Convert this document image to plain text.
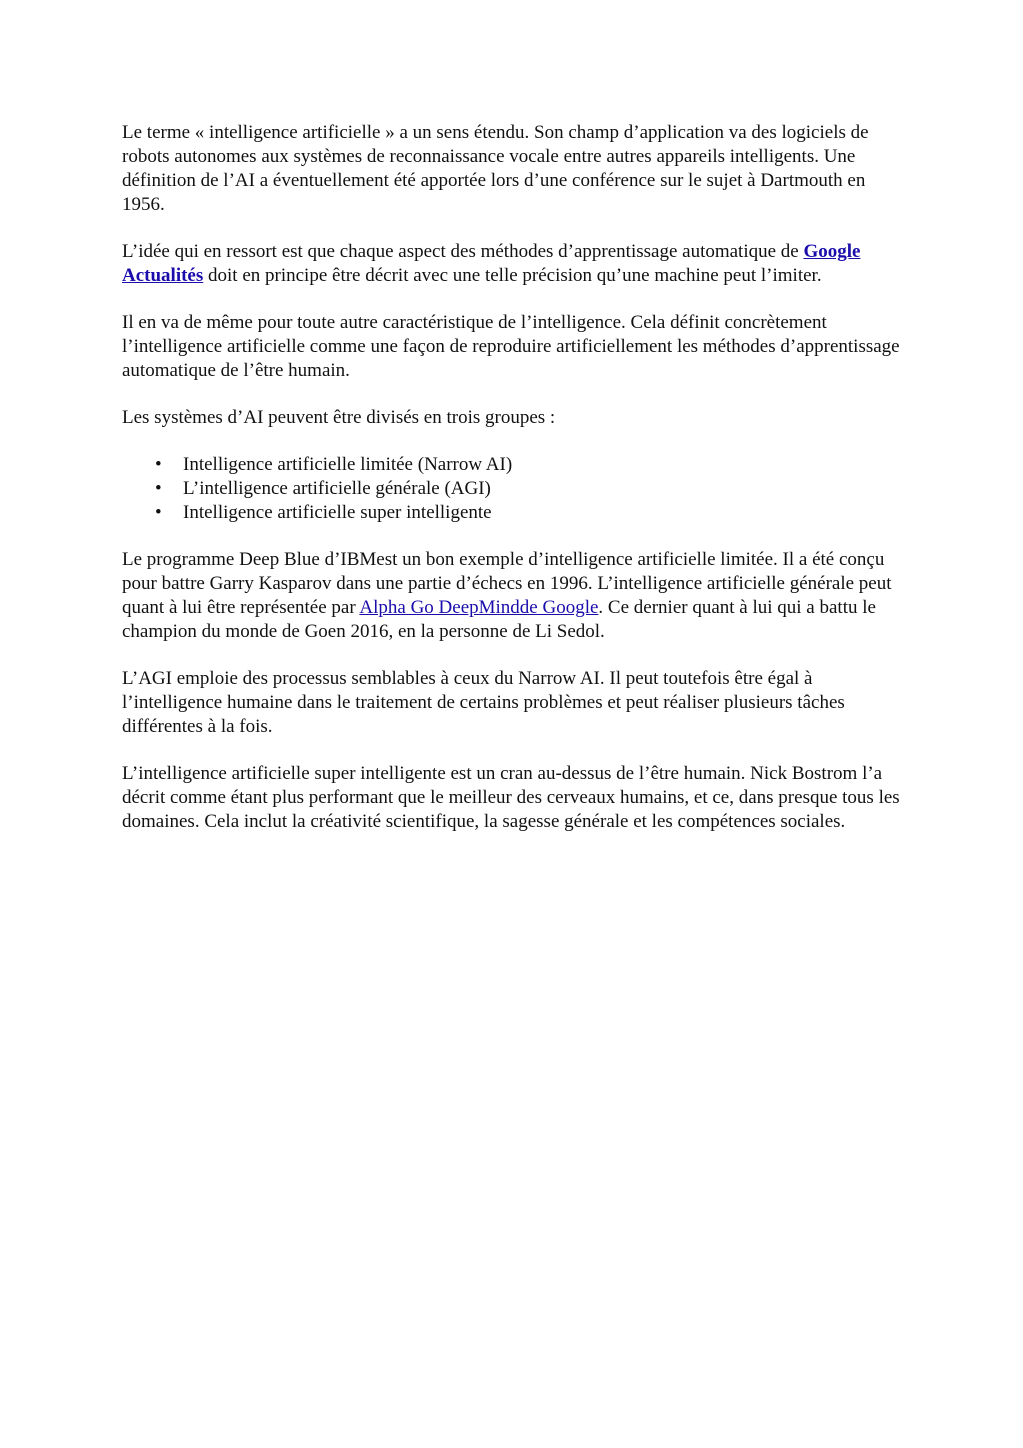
Le terme « intelligence artificielle » a un sens étendu. Son champ d’application va des logiciels de robots autonomes aux systèmes de reconnaissance vocale entre autres appareils intelligents. Une définition de l’AI a éventuellement été apportée lors d’une conférence sur le sujet à Dartmouth en 1956.

L’idée qui en ressort est que chaque aspect des méthodes d’apprentissage automatique de Google Actualités doit en principe être décrit avec une telle précision qu’une machine peut l’imiter.

Il en va de même pour toute autre caractéristique de l’intelligence. Cela définit concrètement l’intelligence artificielle comme une façon de reproduire artificiellement les méthodes d’apprentissage automatique de l’être humain.

Les systèmes d’AI peuvent être divisés en trois groupes :

• Intelligence artificielle limitée (Narrow AI)
• L’intelligence artificielle générale (AGI)
• Intelligence artificielle super intelligente

Le programme Deep Blue d’IBMest un bon exemple d’intelligence artificielle limitée. Il a été conçu pour battre Garry Kasparov dans une partie d’échecs en 1996. L’intelligence artificielle générale peut quant à lui être représentée par Alpha Go DeepMindde Google. Ce dernier quant à lui qui a battu le champion du monde de Goen 2016, en la personne de Li Sedol.

L’AGI emploie des processus semblables à ceux du Narrow AI. Il peut toutefois être égal à l’intelligence humaine dans le traitement de certains problèmes et peut réaliser plusieurs tâches différentes à la fois.

L’intelligence artificielle super intelligente est un cran au-dessus de l’être humain. Nick Bostrom l’a décrit comme étant plus performant que le meilleur des cerveaux humains, et ce, dans presque tous les domaines. Cela inclut la créativité scientifique, la sagesse générale et les compétences sociales.
